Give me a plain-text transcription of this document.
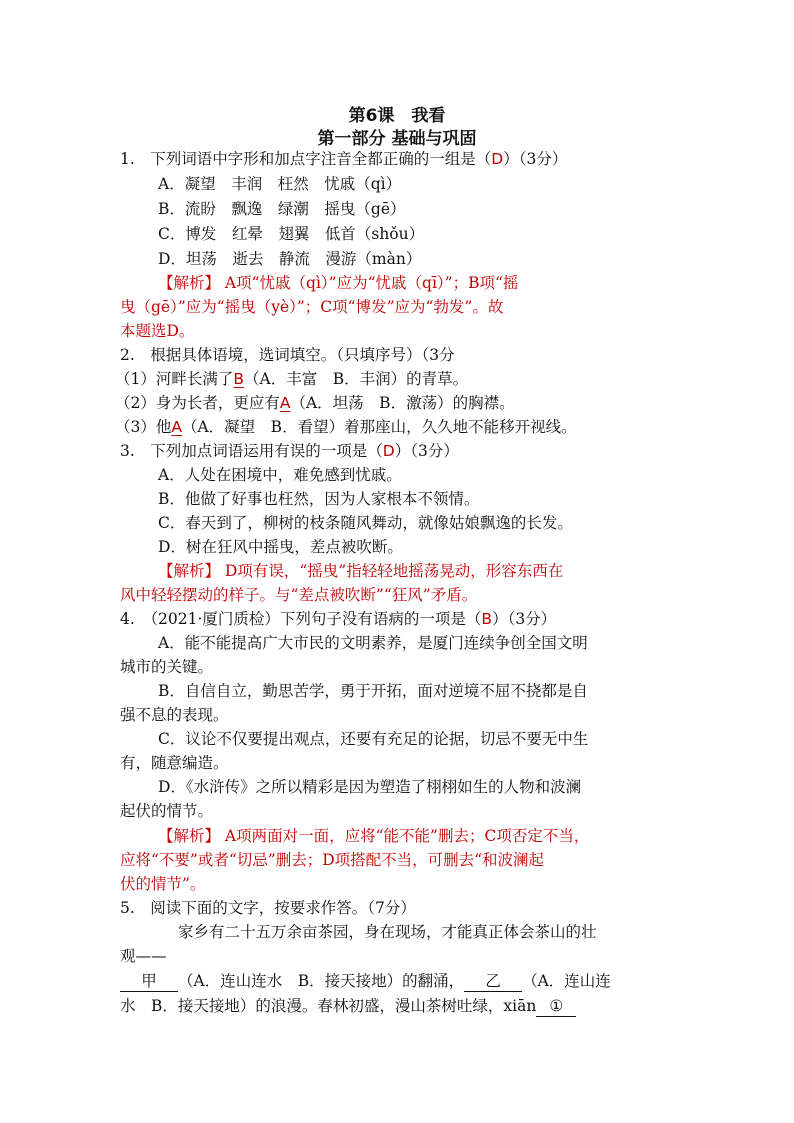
第6课　我看
第一部分 基础与巩固
1.　下列词语中字形和加点字注音全都正确的一组是（D）（3分）
A．凝望　丰润　枉然　忧戚（qì）
B．流盼　飘逸　绿潮　摇曳（gē）
C．博发　红晕　翅翼　低首（shǒu）
D．坦荡　逝去　静流　漫游（màn）
【解析】 A项“忧戚（qì）”应为“忧戚（qī）”；B项“摇
曳（gē）”应为“摇曳（yè）”；C项“博发”应为“勃发”。故
本题选D。
2.　根据具体语境，选词填空。（只填序号）（3分
（1）河畔长满了B（A．丰富　B．丰润）的青草。
（2）身为长者，更应有A（A．坦荡　B．激荡）的胸襟。
（3）他A（A．凝望　B．看望）着那座山，久久地不能移开视线。
3.　下列加点词语运用有误的一项是（D）（3分）
A．人处在困境中，难免感到忧戚。
B．他做了好事也枉然，因为人家根本不领情。
C．春天到了，柳树的枝条随风舞动，就像姑娘飘逸的长发。
D．树在狂风中摇曳，差点被吹断。
【解析】 D项有误，“摇曳”指轻轻地摇荡晃动，形容东西在
风中轻轻摆动的样子。与“差点被吹断”“狂风”矛盾。
4.　（2021·厦门质检）下列句子没有语病的一项是（B）（3分）
A．能不能提高广大市民的文明素养，是厦门连续争创全国文明
城市的关键。
B．自信自立，勤思苦学，勇于开拓，面对逆境不屈不挠都是自
强不息的表现。
C．议论不仅要提出观点，还要有充足的论据，切忌不要无中生
有，随意编造。
D．《水浒传》之所以精彩是因为塑造了栩栩如生的人物和波澜
起伏的情节。
【解析】 A项两面对一面，应将“能不能”删去；C项否定不当，
应将“不要”或者“切忌”删去；D项搭配不当，可删去“和波澜起
伏的情节”。
5.　阅读下面的文字，按要求作答。（7分）
家乡有二十五万余亩茶园，身在现场，才能真正体会茶山的壮
观——
甲 （A．连山连水　B．接天接地）的翻涌， 乙 （A．连山连
水　B．接天接地）的浪漫。春林初盛，漫山茶树吐绿，xiān ①
